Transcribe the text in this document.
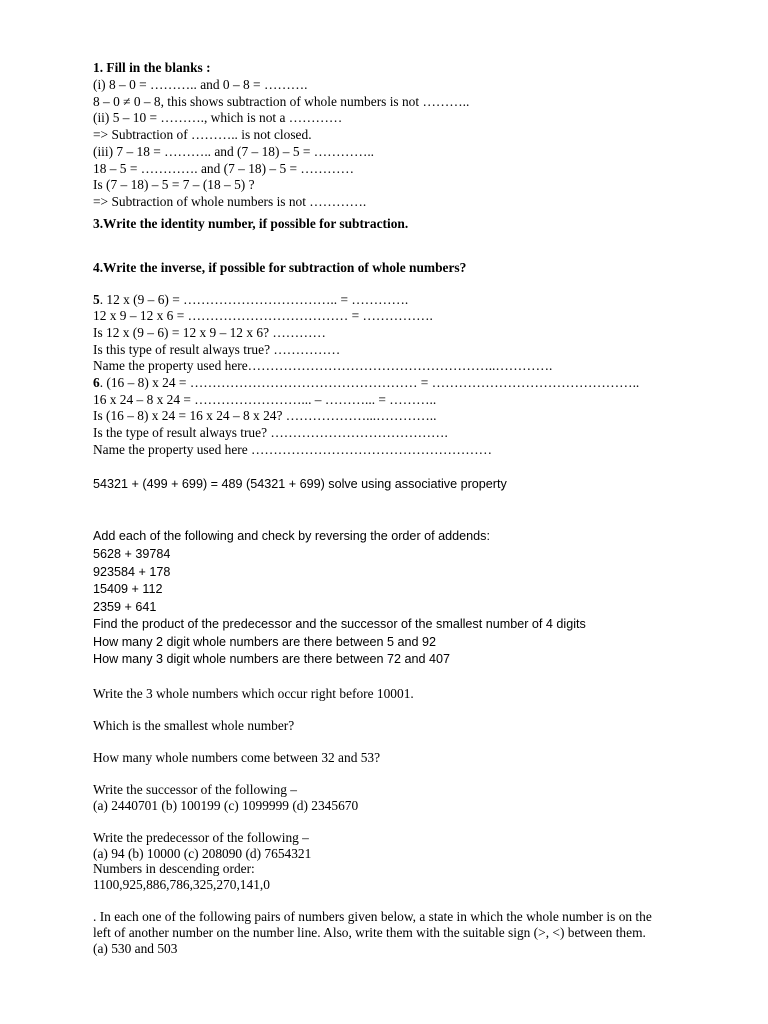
1. Fill in the blanks :
(i) 8 – 0 = ……….. and 0 – 8 = ……….
8 – 0 ≠ 0 – 8, this shows subtraction of whole numbers is not ………..
(ii) 5 – 10 = ………., which is not a …………
=> Subtraction of ……….. is not closed.
(iii) 7 – 18 = ……….. and (7 – 18) – 5 = …………..
18 – 5 = …………. and (7 – 18) – 5 = …………
Is (7 – 18) – 5 = 7 – (18 – 5) ?
=> Subtraction of whole numbers is not ………….
3.Write the identity number, if possible for subtraction.
4.Write the inverse, if possible for subtraction of whole numbers?
5. 12 x (9 – 6) = …………………………….. = ………….
12 x 9 – 12 x 6 = ……………………………… = …………….
Is 12 x (9 – 6) = 12 x 9 – 12 x 6? …………
Is this type of result always true? ……………
Name the property used here………………………………………………..………….
6. (16 – 8) x 24 = …………………………………………… = ………………………………………..
16 x 24 – 8 x 24 = ……………………... – ………... = ………..
Is (16 – 8) x 24 = 16 x 24 – 8 x 24? ………………...…………..
Is the type of result always true? ………………………………….
Name the property used here ………………………………………………
54321 + (499 + 699) = 489 (54321 + 699) solve using associative property
Add each of the following and check by reversing the order of addends:
5628 + 39784
923584 + 178
15409 + 112
2359 + 641
Find the product of the predecessor and the successor of the smallest number of 4 digits
How many 2 digit whole numbers are there between 5 and 92
How many 3 digit whole numbers are there between 72 and 407
Write the 3 whole numbers which occur right before 10001.
Which is the smallest whole number?
How many whole numbers come between 32 and 53?
Write the successor of the following –
(a) 2440701 (b) 100199 (c) 1099999 (d) 2345670
Write the predecessor of the following –
(a) 94 (b) 10000 (c) 208090 (d) 7654321
Numbers in descending order:
1100,925,886,786,325,270,141,0
. In each one of the following pairs of numbers given below, a state in which the whole number is on the
left of another number on the number line. Also, write them with the suitable sign (>, <) between them.
(a) 530 and 503
